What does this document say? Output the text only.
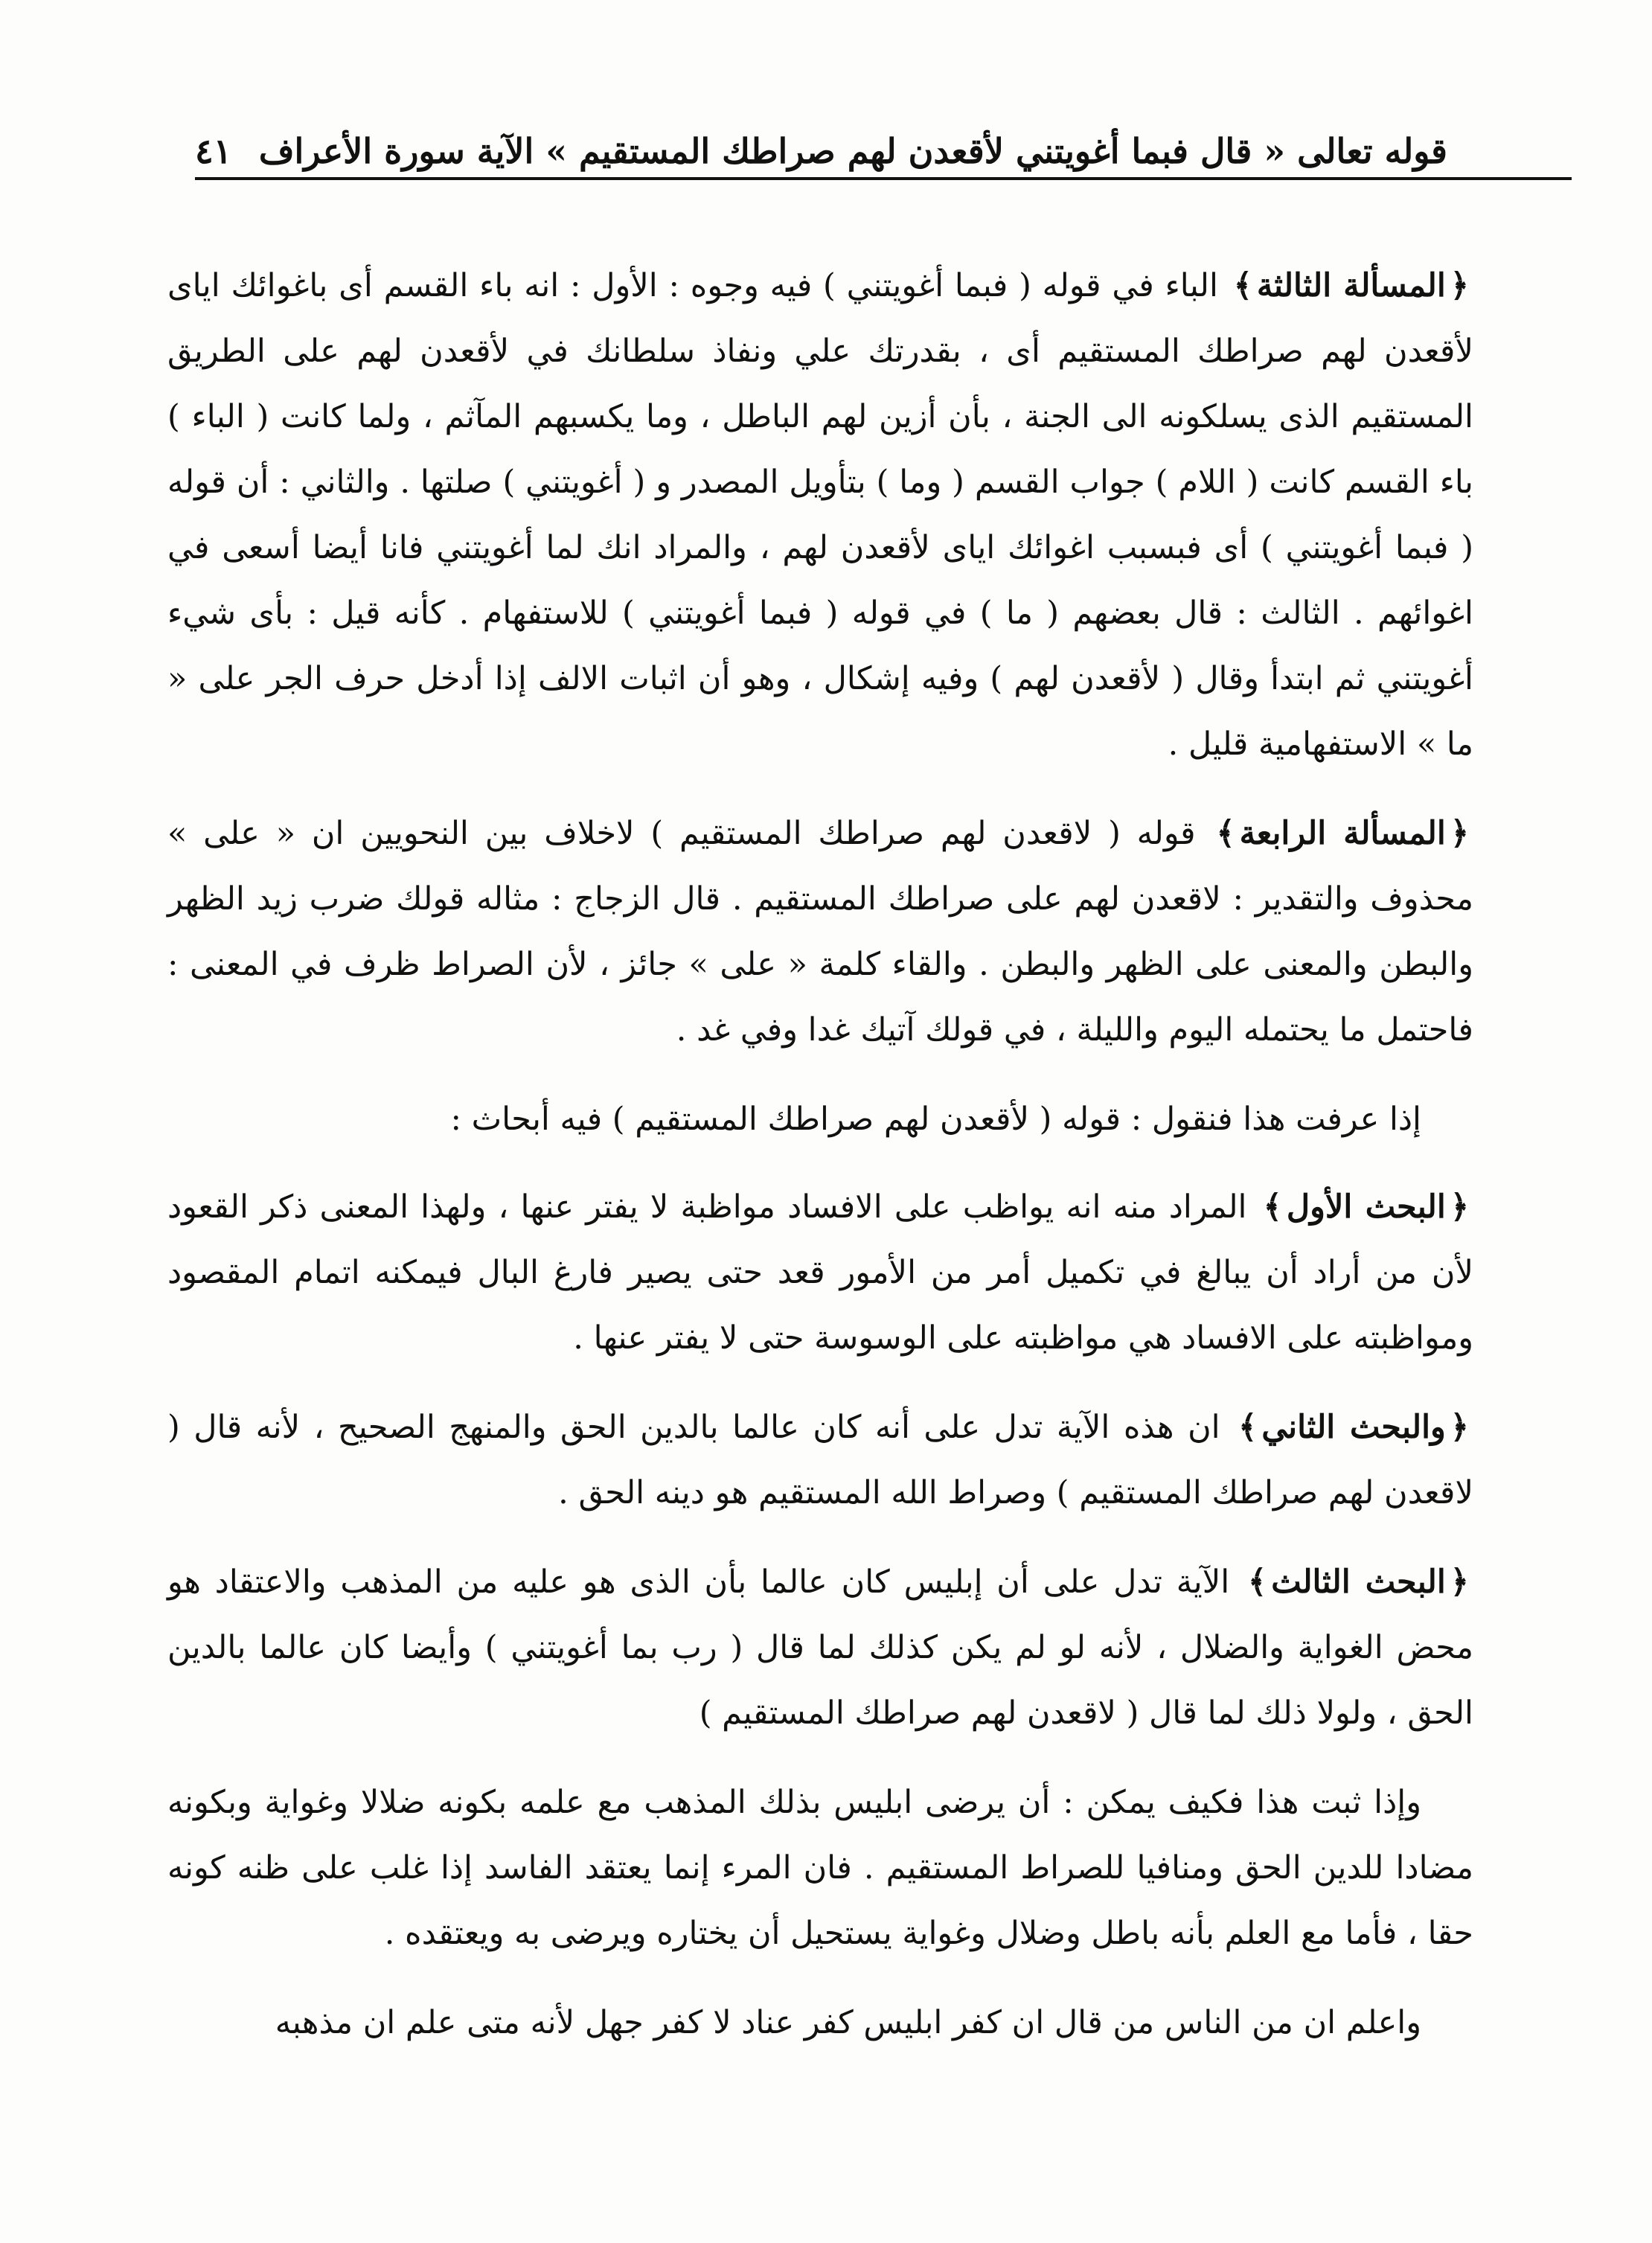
قوله تعالى « قال فبما أغويتني لأقعدن لهم صراطك المستقيم » الآية سورة الأعراف
٤١

﴿المسألة الثالثة﴾ الباء في قوله ( فبما أغويتني ) فيه وجوه : الأول : انه باء القسم أى باغوائك اياى لأقعدن لهم صراطك المستقيم أى ، بقدرتك علي ونفاذ سلطانك في لأقعدن لهم على الطريق المستقيم الذى يسلكونه الى الجنة ، بأن أزين لهم الباطل ، وما يكسبهم المآثم ، ولما كانت ( الباء ) باء القسم كانت ( اللام ) جواب القسم ( وما ) بتأويل المصدر و ( أغويتني ) صلتها . والثاني : أن قوله ( فبما أغويتني ) أى فبسبب اغوائك اياى لأقعدن لهم ، والمراد انك لما أغويتني فانا أيضا أسعى في اغوائهم . الثالث : قال بعضهم ( ما ) في قوله ( فبما أغويتني ) للاستفهام . كأنه قيل : بأى شيء أغويتني ثم ابتدأ وقال ( لأقعدن لهم ) وفيه إشكال ، وهو أن اثبات الالف إذا أدخل حرف الجر على « ما » الاستفهامية قليل .

﴿المسألة الرابعة﴾ قوله ( لاقعدن لهم صراطك المستقيم ) لاخلاف بين النحويين ان « على » محذوف والتقدير : لاقعدن لهم على صراطك المستقيم . قال الزجاج : مثاله قولك ضرب زيد الظهر والبطن والمعنى على الظهر والبطن . والقاء كلمة « على » جائز ، لأن الصراط ظرف في المعنى : فاحتمل ما يحتمله اليوم والليلة ، في قولك آتيك غدا وفي غد .

إذا عرفت هذا فنقول : قوله ( لأقعدن لهم صراطك المستقيم ) فيه أبحاث :

﴿البحث الأول﴾ المراد منه انه يواظب على الافساد مواظبة لا يفتر عنها ، ولهذا المعنى ذكر القعود لأن من أراد أن يبالغ في تكميل أمر من الأمور قعد حتى يصير فارغ البال فيمكنه اتمام المقصود ومواظبته على الافساد هي مواظبته على الوسوسة حتى لا يفتر عنها .

﴿والبحث الثاني﴾ ان هذه الآية تدل على أنه كان عالما بالدين الحق والمنهج الصحيح ، لأنه قال ( لاقعدن لهم صراطك المستقيم ) وصراط الله المستقيم هو دينه الحق .

﴿البحث الثالث﴾ الآية تدل على أن إبليس كان عالما بأن الذى هو عليه من المذهب والاعتقاد هو محض الغواية والضلال ، لأنه لو لم يكن كذلك لما قال ( رب بما أغويتني ) وأيضا كان عالما بالدين الحق ، ولولا ذلك لما قال ( لاقعدن لهم صراطك المستقيم )

وإذا ثبت هذا فكيف يمكن : أن يرضى ابليس بذلك المذهب مع علمه بكونه ضلالا وغواية وبكونه مضادا للدين الحق ومنافيا للصراط المستقيم . فان المرء إنما يعتقد الفاسد إذا غلب على ظنه كونه حقا ، فأما مع العلم بأنه باطل وضلال وغواية يستحيل أن يختاره ويرضى به ويعتقده .

واعلم ان من الناس من قال ان كفر ابليس كفر عناد لا كفر جهل لأنه متى علم ان مذهبه
